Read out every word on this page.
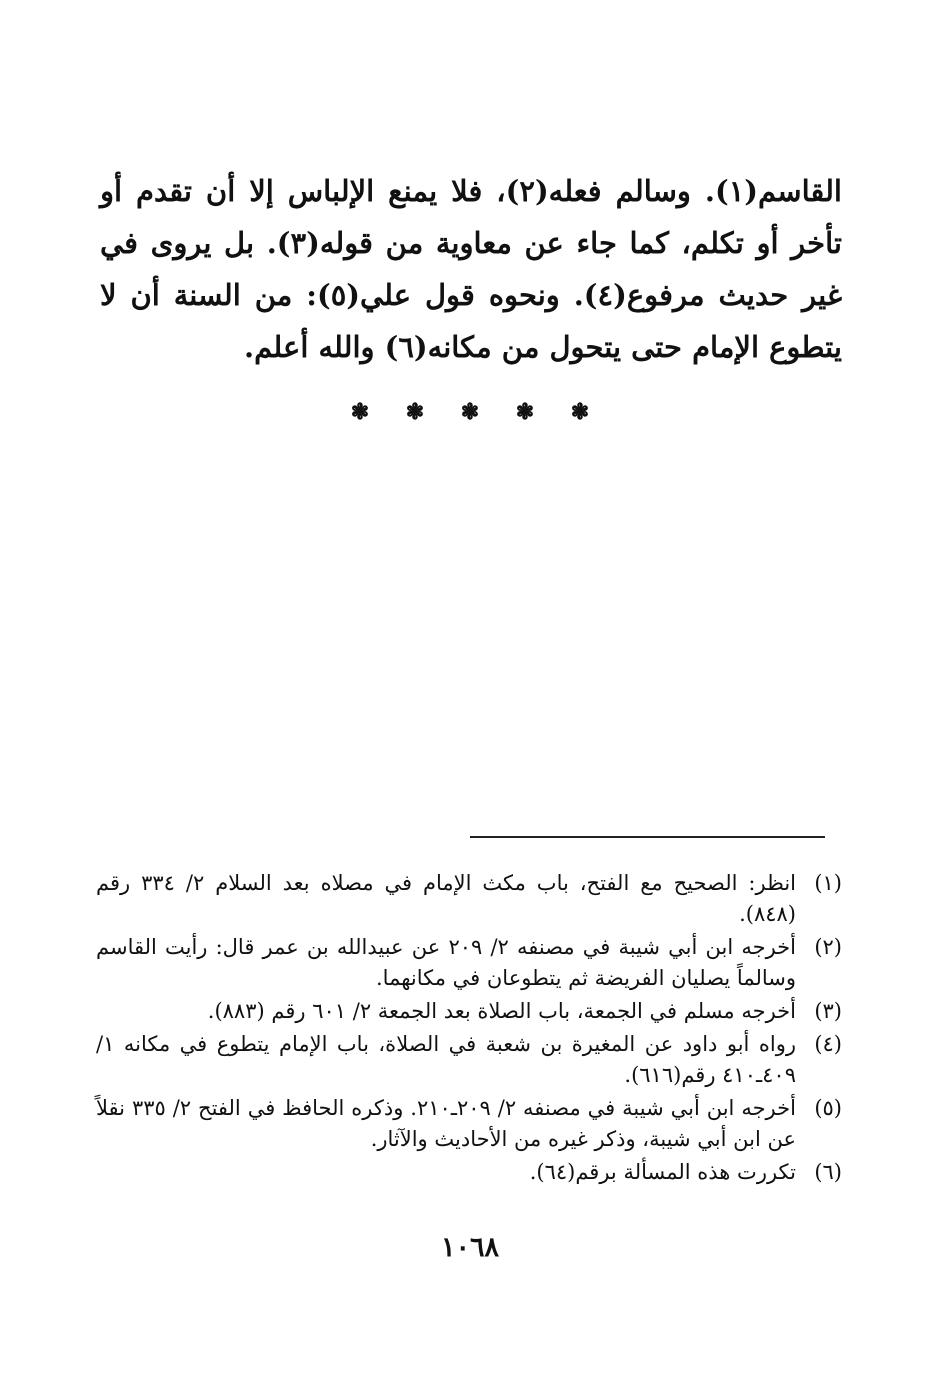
القاسم(١). وسالم فعله(٢)، فلا يمنع الإلباس إلا أن تقدم أو تأخر أو تكلم، كما جاء عن معاوية من قوله(٣). بل يروى في غير حديث مرفوع(٤). ونحوه قول علي(٥): من السنة أن لا يتطوع الإمام حتى يتحول من مكانه(٦) والله أعلم.

❃
❃
❃
❃
❃
(١)
انظر: الصحيح مع الفتح، باب مكث الإمام في مصلاه بعد السلام ٢/ ٣٣٤ رقم (٨٤٨).
(٢)
أخرجه ابن أبي شيبة في مصنفه ٢/ ٢٠٩ عن عبيدالله بن عمر قال: رأيت القاسم وسالماً يصليان الفريضة ثم يتطوعان في مكانهما.
(٣)
أخرجه مسلم في الجمعة، باب الصلاة بعد الجمعة ٢/ ٦٠١ رقم (٨٨٣).
(٤)
رواه أبو داود عن المغيرة بن شعبة في الصلاة، باب الإمام يتطوع في مكانه ١/ ٤٠٩ـ٤١٠ رقم(٦١٦).
(٥)
أخرجه ابن أبي شيبة في مصنفه ٢/ ٢٠٩ـ٢١٠. وذكره الحافظ في الفتح ٢/ ٣٣٥ نقلاً عن ابن أبي شيبة، وذكر غيره من الأحاديث والآثار.
(٦)
تكررت هذه المسألة برقم(٦٤).
١٠٦٨
